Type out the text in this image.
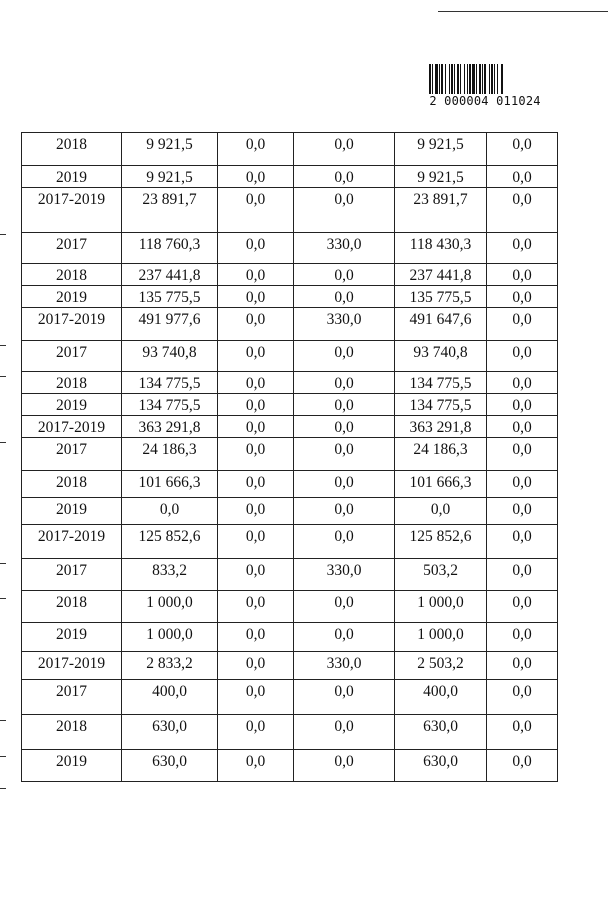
2 000004 011024
2018	9 921,5	0,0	0,0	9 921,5	0,0
2019	9 921,5	0,0	0,0	9 921,5	0,0
2017-2019	23 891,7	0,0	0,0	23 891,7	0,0
2017	118 760,3	0,0	330,0	118 430,3	0,0
2018	237 441,8	0,0	0,0	237 441,8	0,0
2019	135 775,5	0,0	0,0	135 775,5	0,0
2017-2019	491 977,6	0,0	330,0	491 647,6	0,0
2017	93 740,8	0,0	0,0	93 740,8	0,0
2018	134 775,5	0,0	0,0	134 775,5	0,0
2019	134 775,5	0,0	0,0	134 775,5	0,0
2017-2019	363 291,8	0,0	0,0	363 291,8	0,0
2017	24 186,3	0,0	0,0	24 186,3	0,0
2018	101 666,3	0,0	0,0	101 666,3	0,0
2019	0,0	0,0	0,0	0,0	0,0
2017-2019	125 852,6	0,0	0,0	125 852,6	0,0
2017	833,2	0,0	330,0	503,2	0,0
2018	1 000,0	0,0	0,0	1 000,0	0,0
2019	1 000,0	0,0	0,0	1 000,0	0,0
2017-2019	2 833,2	0,0	330,0	2 503,2	0,0
2017	400,0	0,0	0,0	400,0	0,0
2018	630,0	0,0	0,0	630,0	0,0
2019	630,0	0,0	0,0	630,0	0,0
